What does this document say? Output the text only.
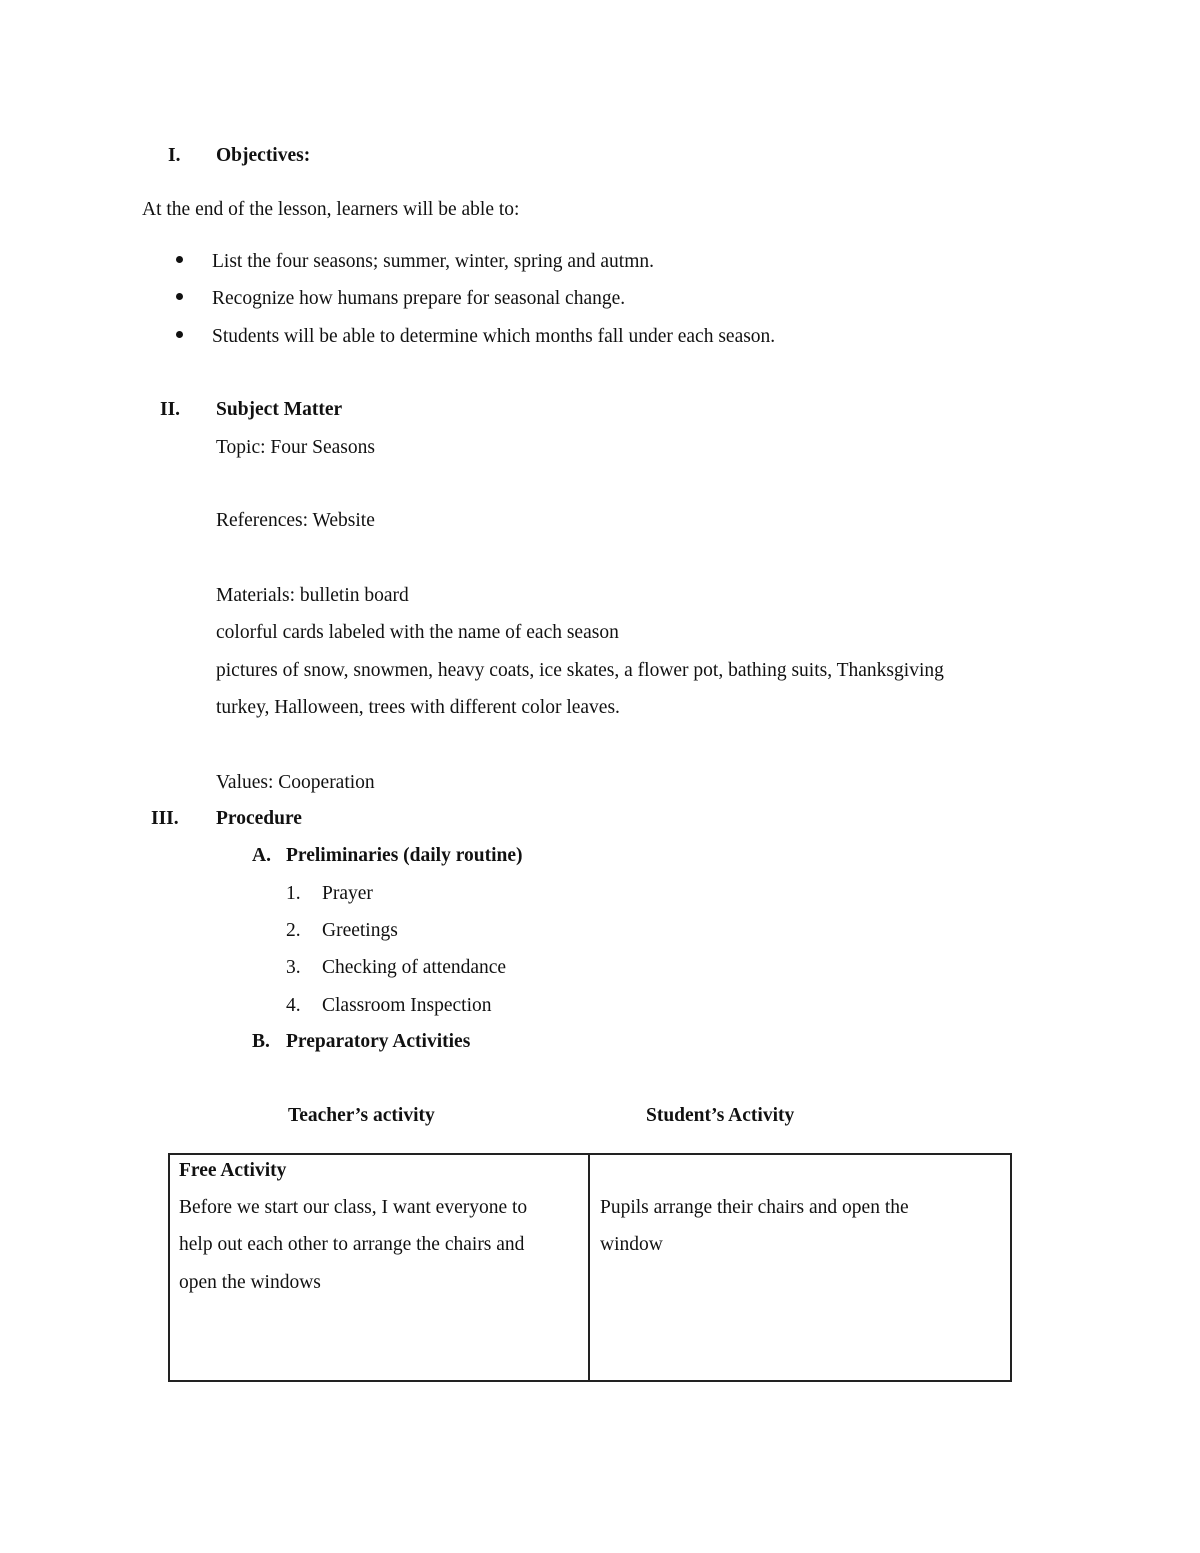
I. Objectives:
At the end of the lesson, learners will be able to:
List the four seasons; summer, winter, spring and autmn.
Recognize how humans prepare for seasonal change.
Students will be able to determine which months fall under each season.
II. Subject Matter
Topic: Four Seasons
References: Website
Materials: bulletin board
colorful cards labeled with the name of each season
pictures of snow, snowmen, heavy coats, ice skates, a flower pot, bathing suits, Thanksgiving
turkey, Halloween, trees with different color leaves.
Values: Cooperation
III. Procedure
A. Preliminaries (daily routine)
1. Prayer
2. Greetings
3. Checking of attendance
4. Classroom Inspection
B. Preparatory Activities
Teacher’s activity	Student’s Activity
Free Activity
Before we start our class, I want everyone to
help out each other to arrange the chairs and
open the windows
Pupils arrange their chairs and open the
window
